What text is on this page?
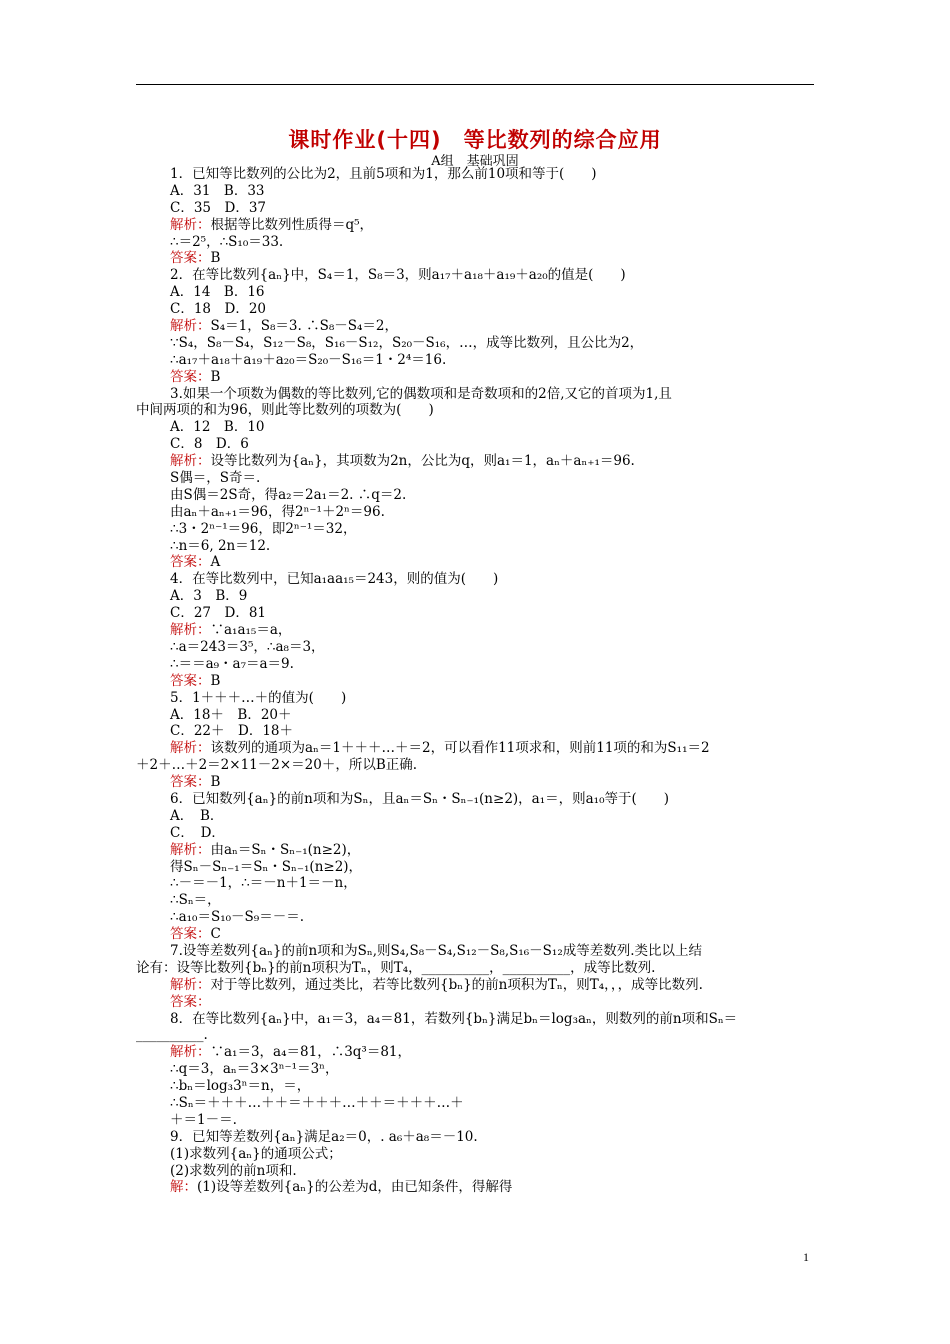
课时作业(十四)　等比数列的综合应用
A组　基础巩固
1．已知等比数列的公比为2，且前5项和为1，那么前10项和等于(　　)
A．31　B．33
C．35　D．37
解析：根据等比数列性质得＝q⁵，
∴＝2⁵，∴S₁₀＝33.
答案：B
2．在等比数列{aₙ}中，S₄＝1，S₈＝3，则a₁₇＋a₁₈＋a₁₉＋a₂₀的值是(　　)
A．14　B．16
C．18　D．20
解析：S₄＝1，S₈＝3. ∴S₈－S₄＝2，
∵S₄，S₈－S₄，S₁₂－S₈，S₁₆－S₁₂，S₂₀－S₁₆，…，成等比数列，且公比为2，
∴a₁₇＋a₁₈＋a₁₉＋a₂₀＝S₂₀－S₁₆＝1・2⁴＝16.
答案：B
3.如果一个项数为偶数的等比数列,它的偶数项和是奇数项和的2倍,又它的首项为1,且
中间两项的和为96，则此等比数列的项数为(　　)
A．12　B．10
C．8　D．6
解析：设等比数列为{aₙ}，其项数为2n，公比为q，则a₁＝1，aₙ＋aₙ₊₁＝96.
S偶＝，S奇＝.
由S偶＝2S奇，得a₂＝2a₁＝2. ∴q＝2.
由aₙ＋aₙ₊₁＝96，得2ⁿ⁻¹＋2ⁿ＝96.
∴3・2ⁿ⁻¹＝96，即2ⁿ⁻¹＝32，
∴n＝6, 2n＝12.
答案：A
4．在等比数列中，已知a₁aa₁₅＝243，则的值为(　　)
A．3　B．9
C．27　D．81
解析：∵a₁a₁₅＝a，
∴a＝243＝3⁵，∴a₈＝3，
∴＝＝a₉・a₇＝a＝9.
答案：B
5．1＋＋＋…＋的值为(　　)
A．18＋　B．20＋
C．22＋　D．18＋
解析：该数列的通项为aₙ＝1＋＋＋…＋＝2，可以看作11项求和，则前11项的和为S₁₁＝2
＋2＋…＋2＝2×11－2×＝20＋，所以B正确.
答案：B
6．已知数列{aₙ}的前n项和为Sₙ，且aₙ＝Sₙ・Sₙ₋₁(n≥2)，a₁＝，则a₁₀等于(　　)
A．　B．
C．　D．
解析：由aₙ＝Sₙ・Sₙ₋₁(n≥2)，
得Sₙ－Sₙ₋₁＝Sₙ・Sₙ₋₁(n≥2)，
∴－＝－1，∴＝－n＋1＝－n，
∴Sₙ＝，
∴a₁₀＝S₁₀－S₉＝－＝.
答案：C
7.设等差数列{aₙ}的前n项和为Sₙ,则S₄,S₈－S₄,S₁₂－S₈,S₁₆－S₁₂成等差数列.类比以上结
论有：设等比数列{bₙ}的前n项积为Tₙ，则T₄，__________，__________，成等比数列.
解析：对于等比数列，通过类比，若等比数列{bₙ}的前n项积为Tₙ，则T₄，，，成等比数列.
答案：
8．在等比数列{aₙ}中，a₁＝3，a₄＝81，若数列{bₙ}满足bₙ＝log₃aₙ，则数列的前n项和Sₙ＝
__________.
解析：∵a₁＝3，a₄＝81，∴3q³＝81，
∴q＝3，aₙ＝3×3ⁿ⁻¹＝3ⁿ，
∴bₙ＝log₃3ⁿ＝n，＝，
∴Sₙ＝＋＋＋…＋＋＝＋＋＋…＋＋＝＋＋＋…＋
＋＝1－＝.
9．已知等差数列{aₙ}满足a₂＝0，. a₆＋a₈＝－10.
(1)求数列{aₙ}的通项公式；
(2)求数列的前n项和.
解：(1)设等差数列{aₙ}的公差为d，由已知条件，得解得
1
